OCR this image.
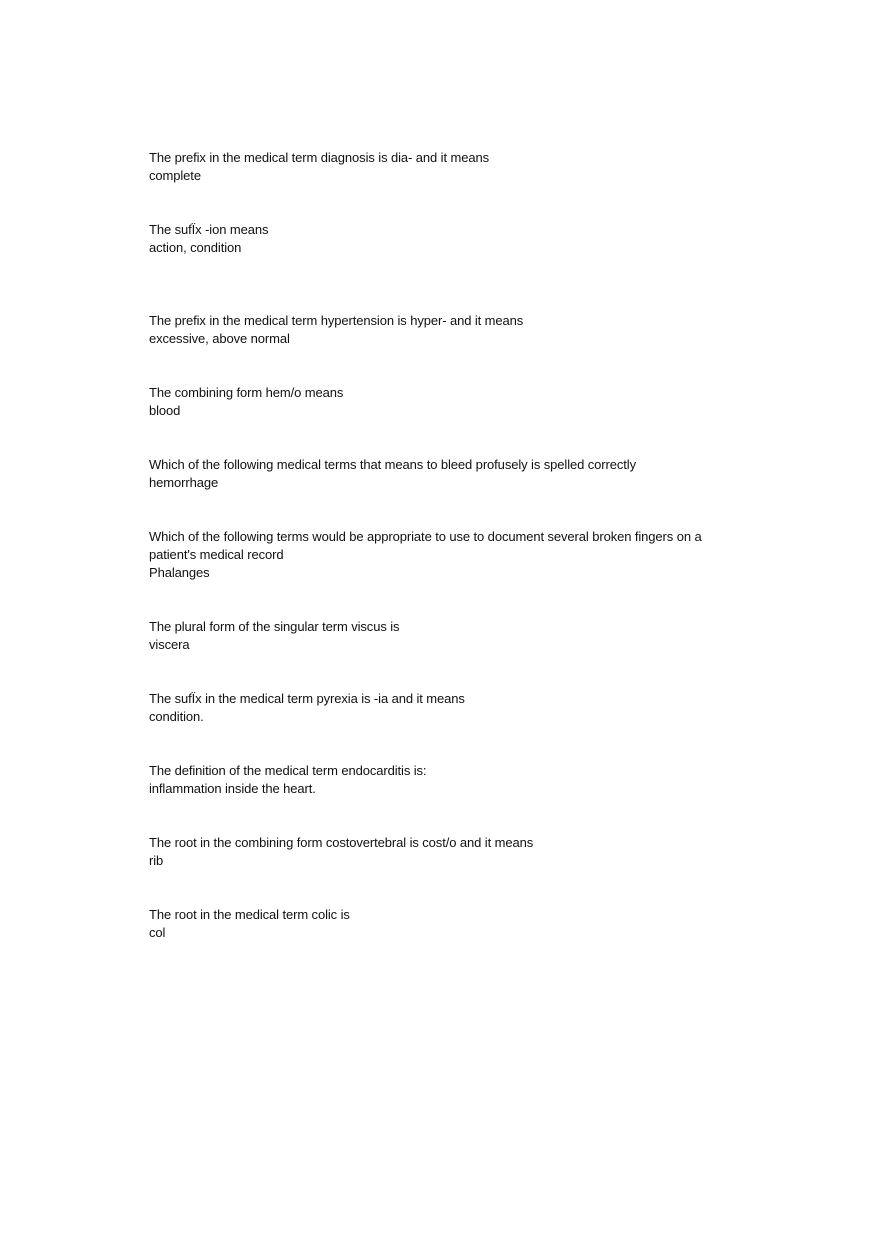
The prefix in the medical term diagnosis is dia- and it means
complete
The sufÏx -ion means
action, condition
The prefix in the medical term hypertension is hyper- and it means
excessive, above normal
The combining form hem/o means
blood
Which of the following medical terms that means to bleed profusely is spelled correctly
hemorrhage
Which of the following terms would be appropriate to use to document several broken fingers on a patient's medical record
Phalanges
The plural form of the singular term viscus is
viscera
The sufÏx in the medical term pyrexia is -ia and it means
condition.
The definition of the medical term endocarditis is:
inflammation inside the heart.
The root in the combining form costovertebral is cost/o and it means
rib
The root in the medical term colic is
col
